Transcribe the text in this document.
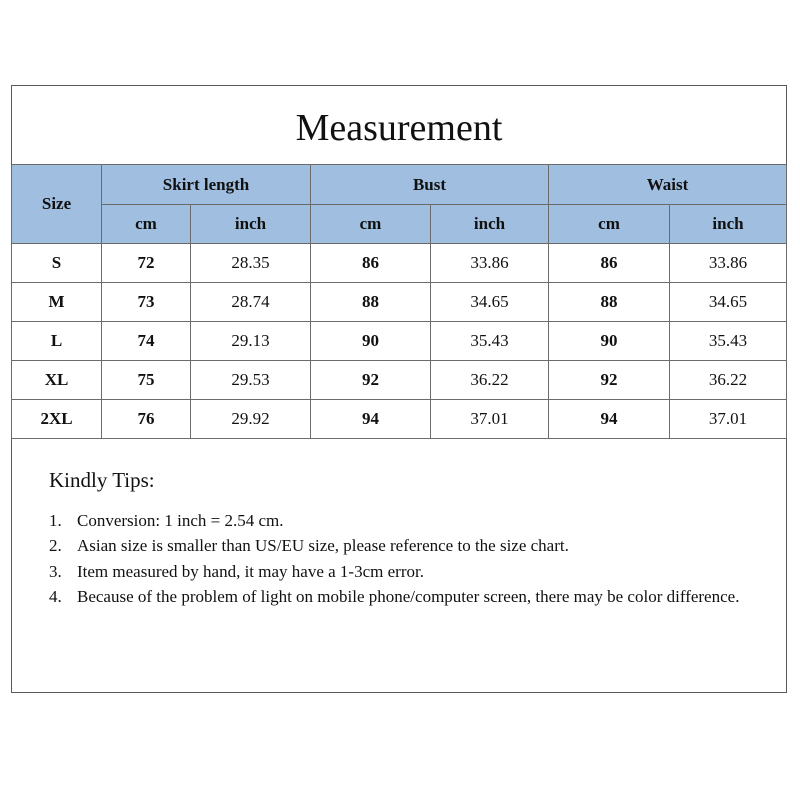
Measurement
Size	Skirt length		Bust		Waist	
	cm	inch	cm	inch	cm	inch
S	72	28.35	86	33.86	86	33.86
M	73	28.74	88	34.65	88	34.65
L	74	29.13	90	35.43	90	35.43
XL	75	29.53	92	36.22	92	36.22
2XL	76	29.92	94	37.01	94	37.01
Kindly Tips:
1. Conversion: 1 inch = 2.54 cm.
2. Asian size is smaller than US/EU size, please reference to the size chart.
3. Item measured by hand, it may have a 1-3cm error.
4. Because of the problem of light on mobile phone/computer screen, there may be color difference.
